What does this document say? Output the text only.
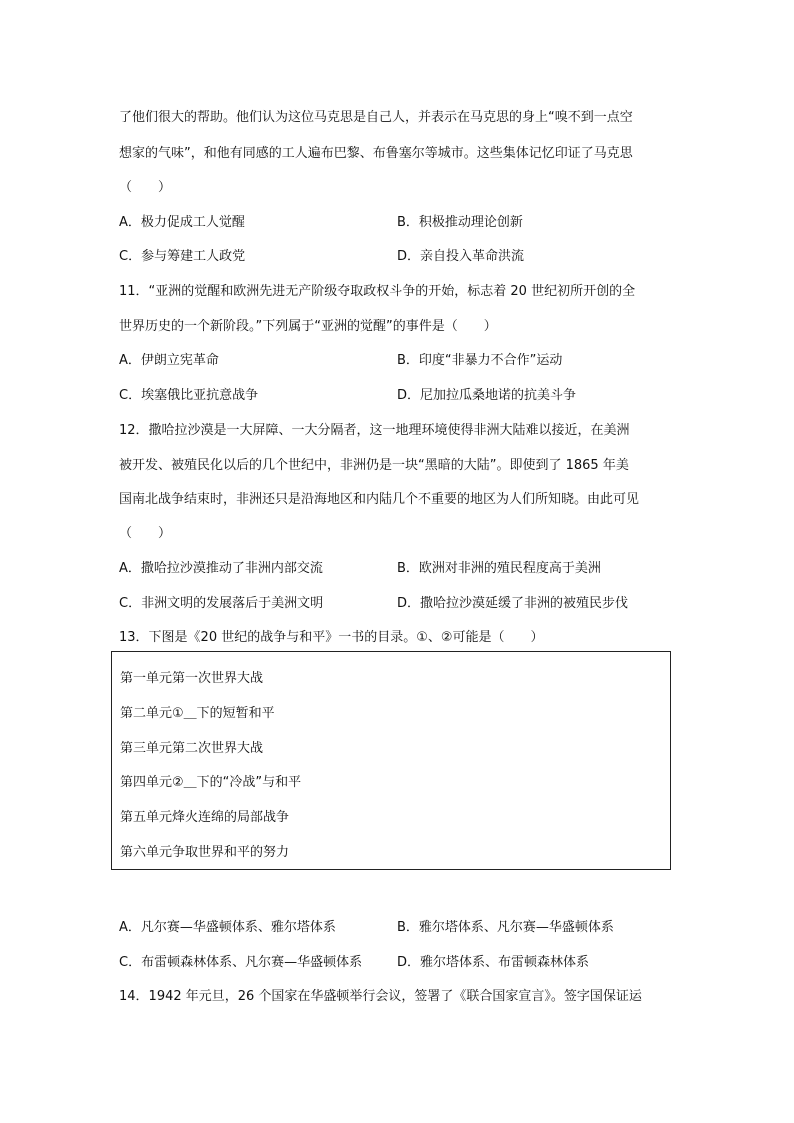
了他们很大的帮助。他们认为这位马克思是自己人，并表示在马克思的身上“嗅不到一点空
想家的气味”，和他有同感的工人遍布巴黎、布鲁塞尔等城市。这些集体记忆印证了马克思
（　　）
A．极力促成工人觉醒	B．积极推动理论创新
C．参与筹建工人政党	D．亲自投入革命洪流
11．“亚洲的觉醒和欧洲先进无产阶级夺取政权斗争的开始，标志着 20 世纪初所开创的全
世界历史的一个新阶段。”下列属于“亚洲的觉醒”的事件是（　　）
A．伊朗立宪革命	B．印度“非暴力不合作”运动
C．埃塞俄比亚抗意战争	D．尼加拉瓜桑地诺的抗美斗争
12．撒哈拉沙漠是一大屏障、一大分隔者，这一地理环境使得非洲大陆难以接近，在美洲
被开发、被殖民化以后的几个世纪中，非洲仍是一块“黑暗的大陆”。即使到了 1865 年美
国南北战争结束时，非洲还只是沿海地区和内陆几个不重要的地区为人们所知晓。由此可见
（　　）
A．撒哈拉沙漠推动了非洲内部交流	B．欧洲对非洲的殖民程度高于美洲
C．非洲文明的发展落后于美洲文明	D．撒哈拉沙漠延缓了非洲的被殖民步伐
13．下图是《20 世纪的战争与和平》一书的目录。①、②可能是（　　）
第一单元第一次世界大战
第二单元①＿下的短暂和平
第三单元第二次世界大战
第四单元②＿下的“冷战”与和平
第五单元烽火连绵的局部战争
第六单元争取世界和平的努力
A．凡尔赛—华盛顿体系、雅尔塔体系	B．雅尔塔体系、凡尔赛—华盛顿体系
C．布雷顿森林体系、凡尔赛—华盛顿体系	D．雅尔塔体系、布雷顿森林体系
14．1942 年元旦，26 个国家在华盛顿举行会议，签署了《联合国家宣言》。签字国保证运
